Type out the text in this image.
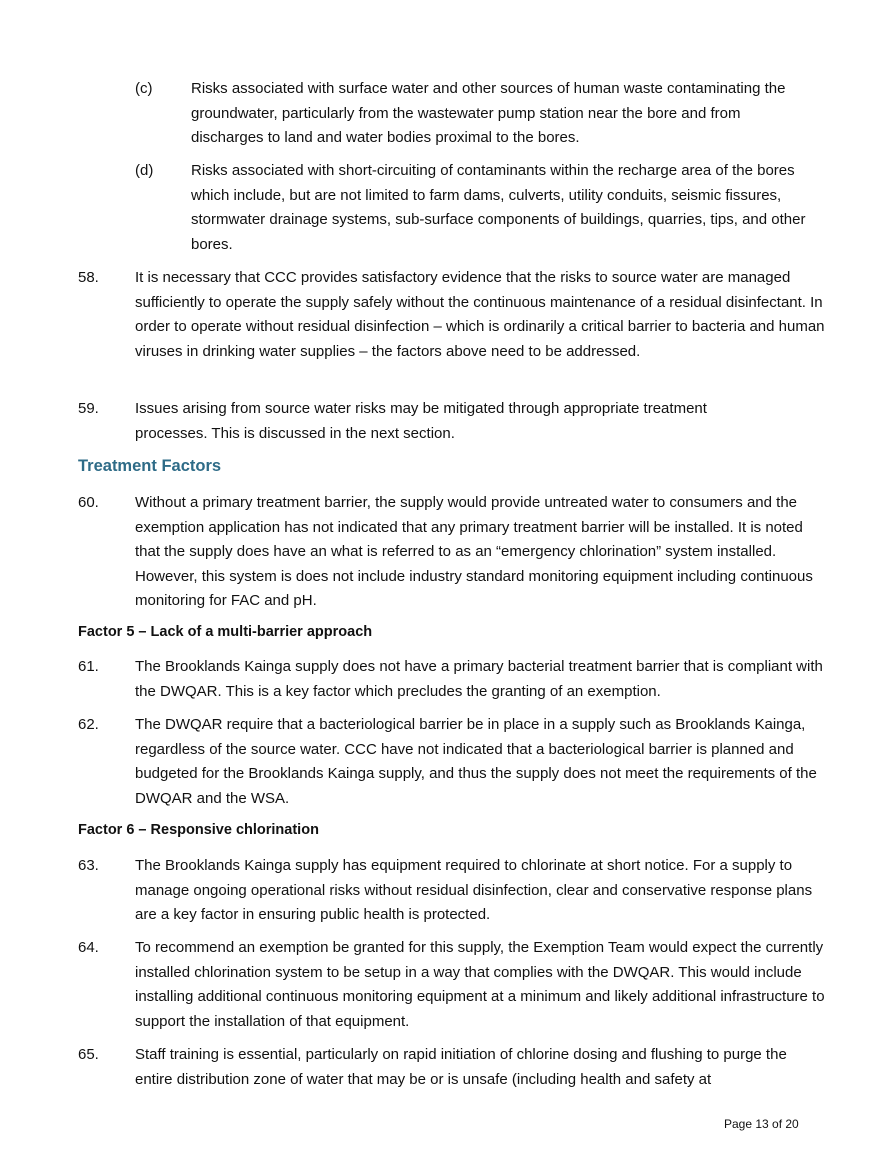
(c)	Risks associated with surface water and other sources of human waste contaminating the groundwater, particularly from the wastewater pump station near the bore and from discharges to land and water bodies proximal to the bores.
(d)	Risks associated with short-circuiting of contaminants within the recharge area of the bores which include, but are not limited to farm dams, culverts, utility conduits, seismic fissures, stormwater drainage systems, sub-surface components of buildings, quarries, tips, and other bores.
58. It is necessary that CCC provides satisfactory evidence that the risks to source water are managed sufficiently to operate the supply safely without the continuous maintenance of a residual disinfectant. In order to operate without residual disinfection – which is ordinarily a critical barrier to bacteria and human viruses in drinking water supplies – the factors above need to be addressed.
59. Issues arising from source water risks may be mitigated through appropriate treatment processes. This is discussed in the next section.
Treatment Factors
60. Without a primary treatment barrier, the supply would provide untreated water to consumers and the exemption application has not indicated that any primary treatment barrier will be installed. It is noted that the supply does have an what is referred to as an “emergency chlorination” system installed. However, this system is does not include industry standard monitoring equipment including continuous monitoring for FAC and pH.
Factor 5 – Lack of a multi-barrier approach
61. The Brooklands Kainga supply does not have a primary bacterial treatment barrier that is compliant with the DWQAR. This is a key factor which precludes the granting of an exemption.
62. The DWQAR require that a bacteriological barrier be in place in a supply such as Brooklands Kainga, regardless of the source water. CCC have not indicated that a bacteriological barrier is planned and budgeted for the Brooklands Kainga supply, and thus the supply does not meet the requirements of the DWQAR and the WSA.
Factor 6 – Responsive chlorination
63. The Brooklands Kainga supply has equipment required to chlorinate at short notice. For a supply to manage ongoing operational risks without residual disinfection, clear and conservative response plans are a key factor in ensuring public health is protected.
64. To recommend an exemption be granted for this supply, the Exemption Team would expect the currently installed chlorination system to be setup in a way that complies with the DWQAR. This would include installing additional continuous monitoring equipment at a minimum and likely additional infrastructure to support the installation of that equipment.
65. Staff training is essential, particularly on rapid initiation of chlorine dosing and flushing to purge the entire distribution zone of water that may be or is unsafe (including health and safety at
Page 13 of 20
